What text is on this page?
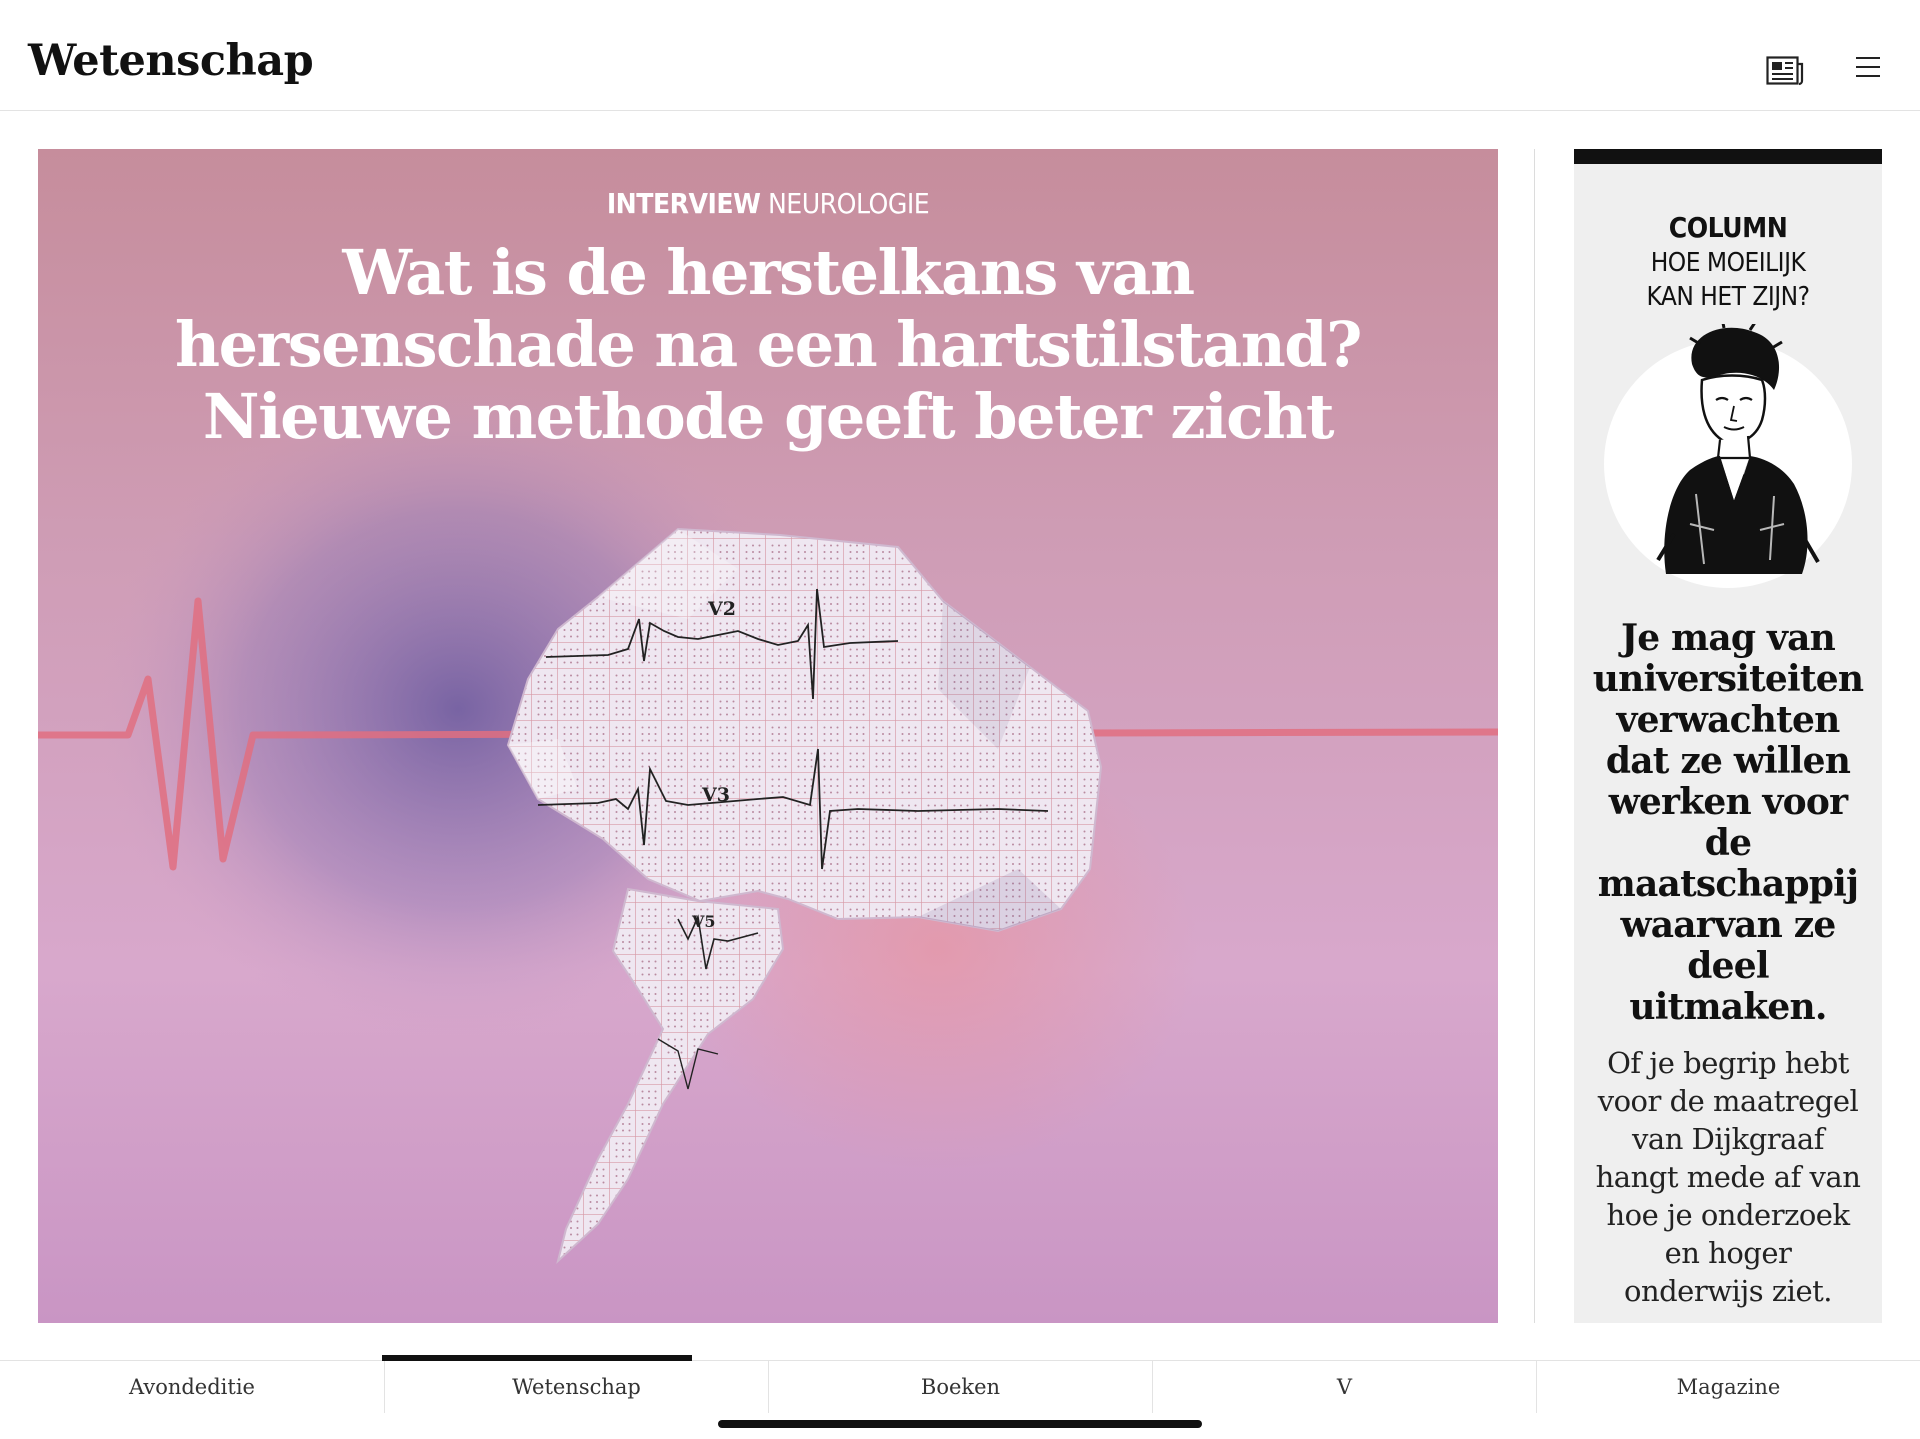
Wetenschap
V2
V3
V5
INTERVIEW NEUROLOGIE
Wat is de herstelkans van hersenschade na een hartstilstand? Nieuwe methode geeft beter zicht
COLUMN
HOE MOEILIJK
KAN HET ZIJN?

Je mag van universiteiten verwachten dat ze willen werken voor de maatschappij waarvan ze deel uitmaken.

Of je begrip hebt voor de maatregel van Dijkgraaf hangt mede af van hoe je onderzoek en hoger onderwijs ziet.

Avondeditie	Wetenschap	Boeken	V	Magazine
